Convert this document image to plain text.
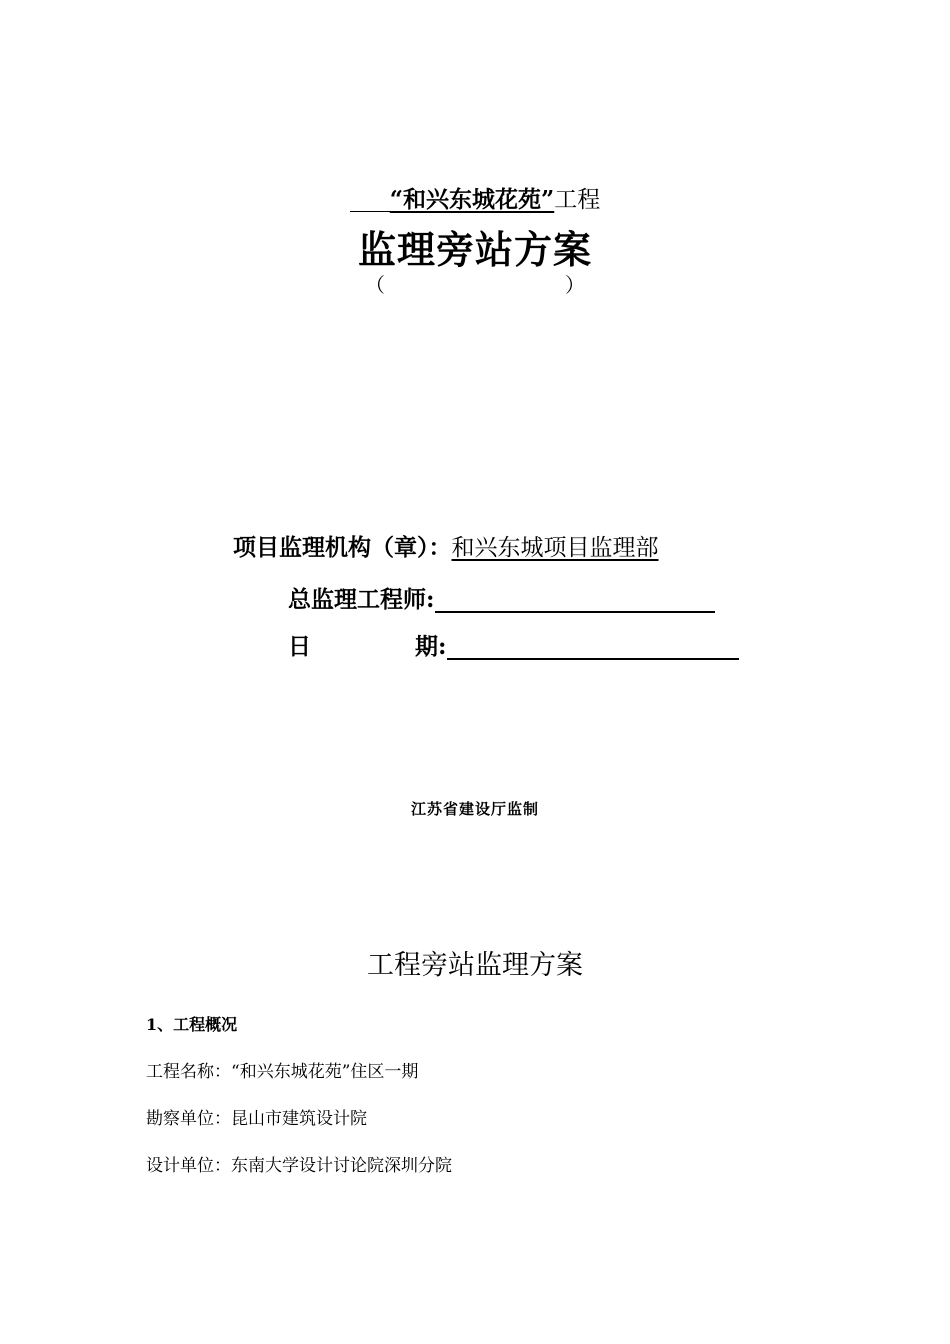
“和兴东城花苑”工程
监理旁站方案
（	）
项目监理机构（章）：和兴东城项目监理部
总监理工程师:
日	期:
江苏省建设厅监制
工程旁站监理方案
1、工程概况
工程名称：“和兴东城花苑”住区一期
勘察单位：昆山市建筑设计院
设计单位：东南大学设计讨论院深圳分院
